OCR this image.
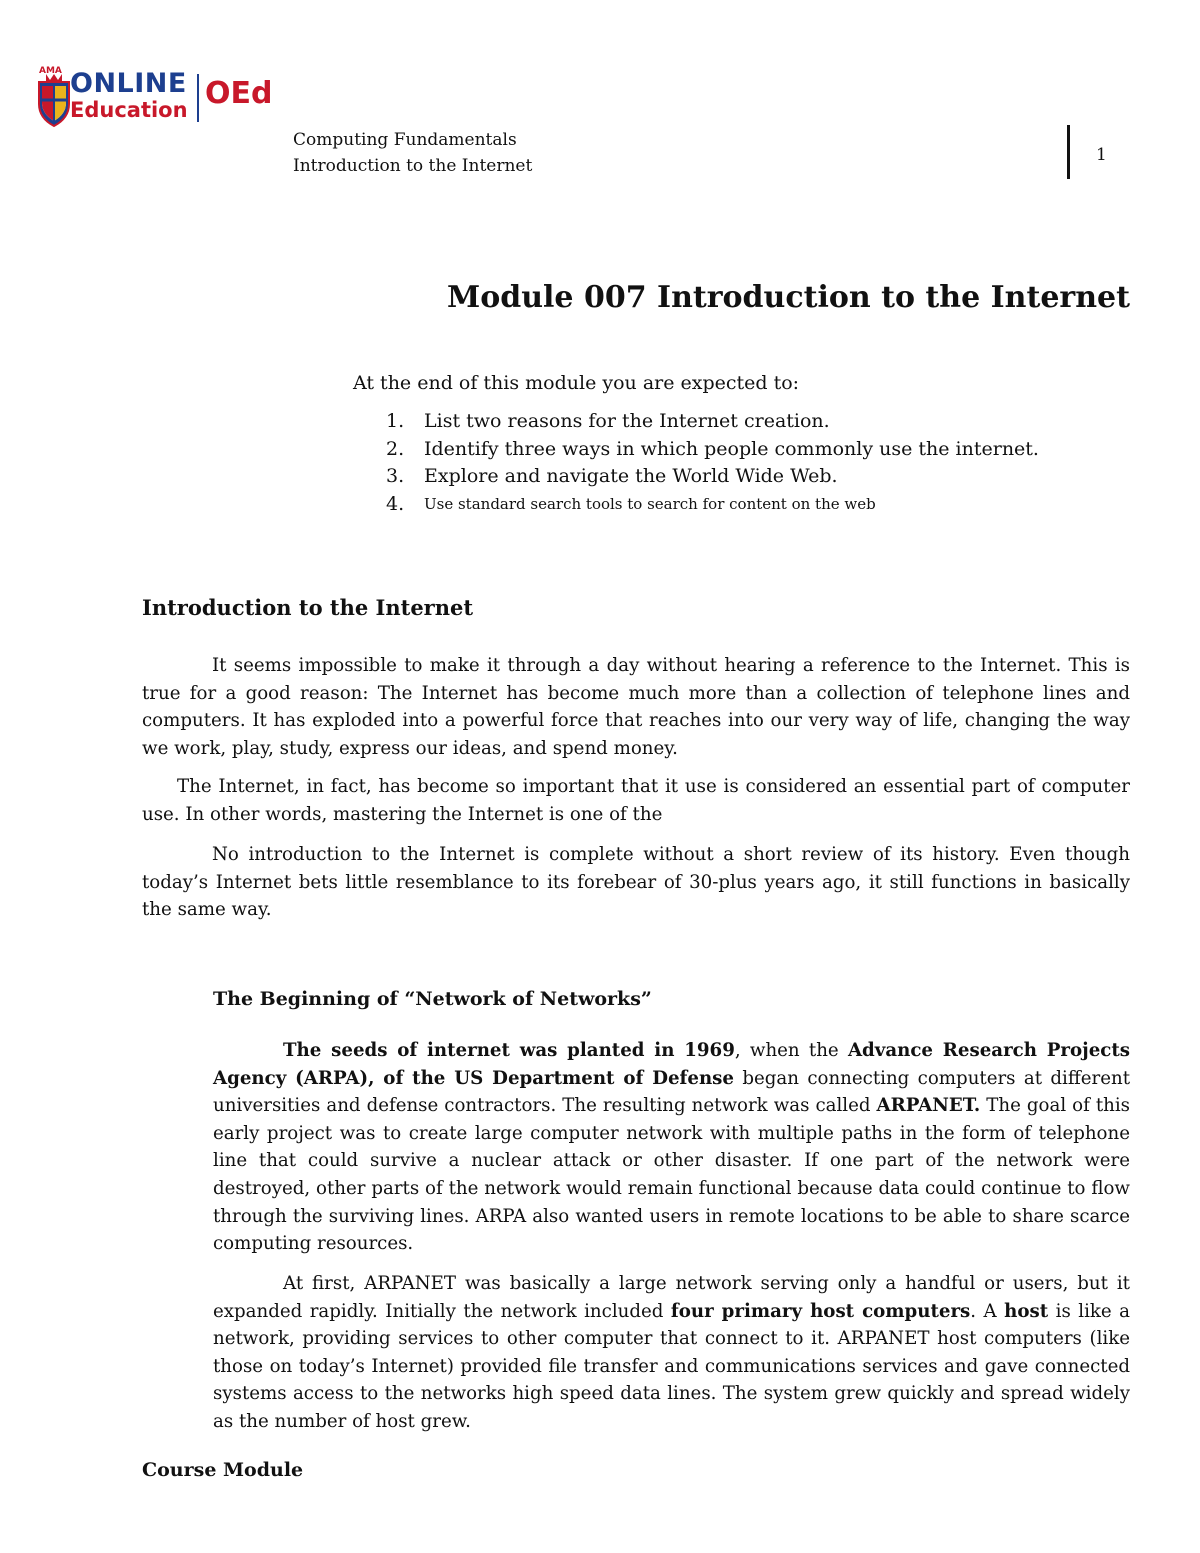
AMA ONLINE
Education OEd
Computing Fundamentals
Introduction to the Internet
1
Module 007 Introduction to the Internet
At the end of this module you are expected to:
1. List two reasons for the Internet creation.
2. Identify three ways in which people commonly use the internet.
3. Explore and navigate the World Wide Web.
4. Use standard search tools to search for content on the web
Introduction to the Internet
It seems impossible to make it through a day without hearing a reference to the Internet. This is true for a good reason: The Internet has become much more than a collection of telephone lines and computers. It has exploded into a powerful force that reaches into our very way of life, changing the way we work, play, study, express our ideas, and spend money.
The Internet, in fact, has become so important that it use is considered an essential part of computer use. In other words, mastering the Internet is one of the
No introduction to the Internet is complete without a short review of its history. Even though today’s Internet bets little resemblance to its forebear of 30-plus years ago, it still functions in basically the same way.
The Beginning of “Network of Networks”
The seeds of internet was planted in 1969, when the Advance Research Projects Agency (ARPA), of the US Department of Defense began connecting computers at different universities and defense contractors. The resulting network was called ARPANET. The goal of this early project was to create large computer network with multiple paths in the form of telephone line that could survive a nuclear attack or other disaster. If one part of the network were destroyed, other parts of the network would remain functional because data could continue to flow through the surviving lines. ARPA also wanted users in remote locations to be able to share scarce computing resources.
At first, ARPANET was basically a large network serving only a handful or users, but it expanded rapidly. Initially the network included four primary host computers. A host is like a network, providing services to other computer that connect to it. ARPANET host computers (like those on today’s Internet) provided file transfer and communications services and gave connected systems access to the networks high speed data lines. The system grew quickly and spread widely as the number of host grew.
Course Module
